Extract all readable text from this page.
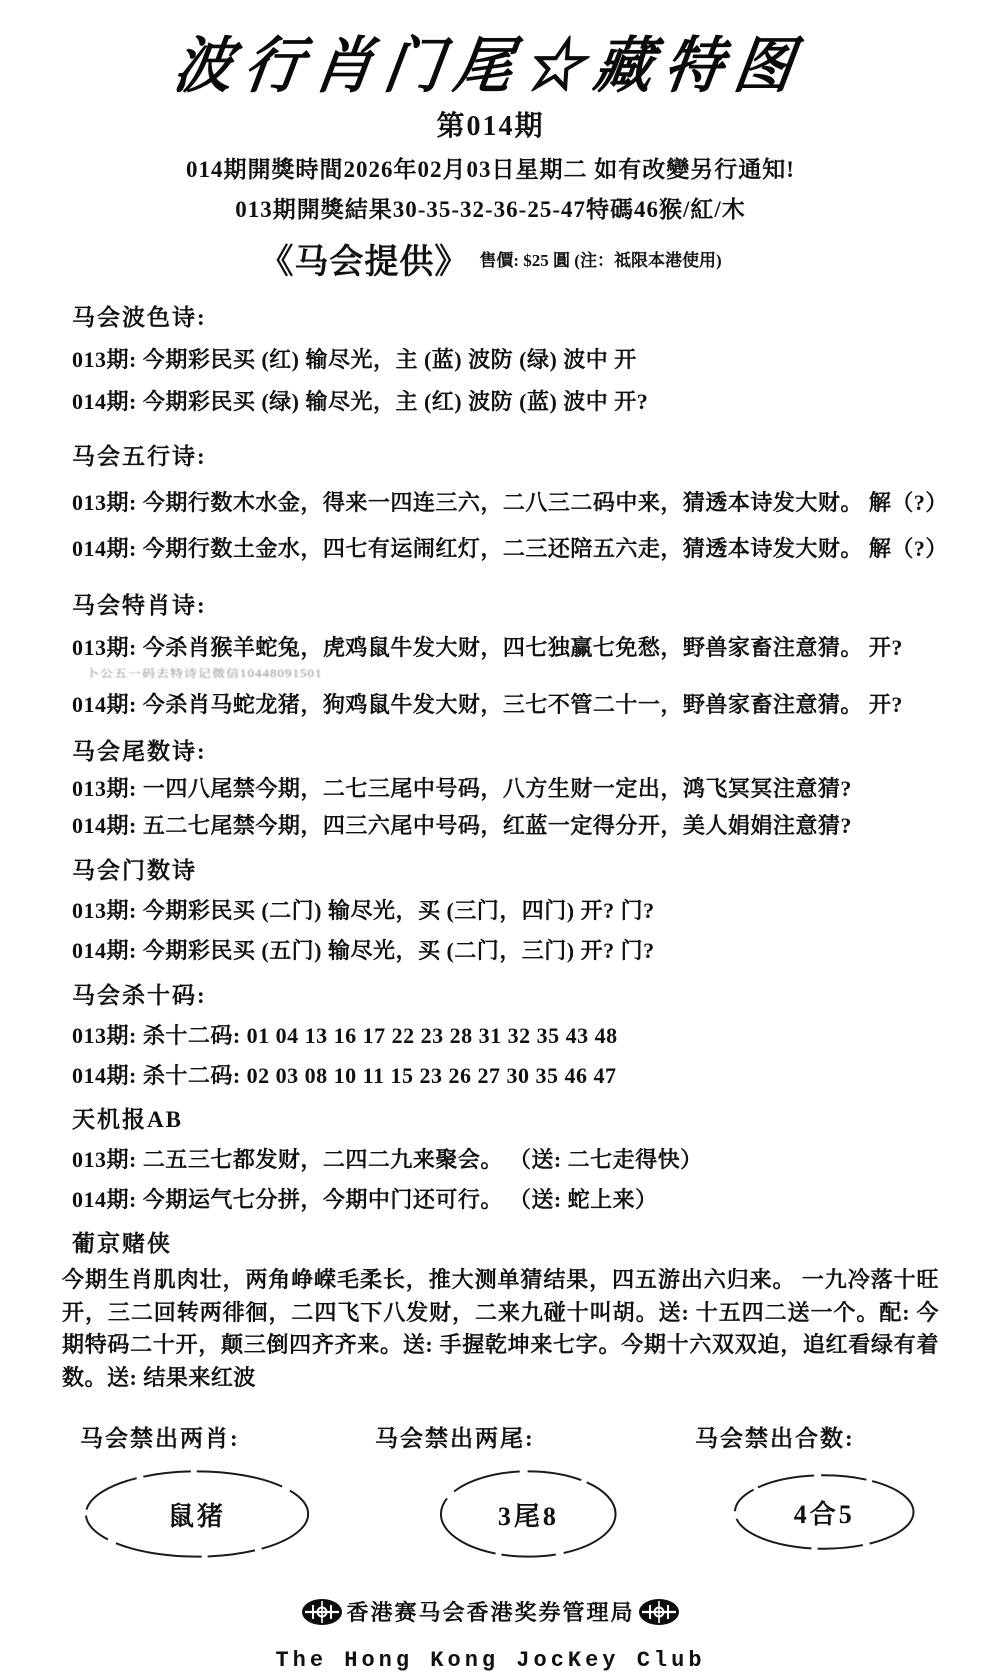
波行肖门尾☆藏特图
第014期
014期開獎時間2026年02月03日星期二 如有改變另行通知!
013期開獎結果30-35-32-36-25-47特碼46猴/紅/木
《马会提供》 售價: $25 圓 (注：祗限本港使用)
马会波色诗:
013期: 今期彩民买 (红) 输尽光，主 (蓝) 波防 (绿) 波中 开
014期: 今期彩民买 (绿) 输尽光，主 (红) 波防 (蓝) 波中 开?
马会五行诗:
013期: 今期行数木水金，得来一四连三六，二八三二码中来，猜透本诗发大财。 解（?）
014期: 今期行数土金水，四七有运闹红灯，二三还陪五六走，猜透本诗发大财。 解（?）
马会特肖诗:
013期: 今杀肖猴羊蛇兔，虎鸡鼠牛发大财，四七独赢七免愁，野兽家畜注意猜。 开?
卜公五一码去特诗记微信10448091501
014期: 今杀肖马蛇龙猪，狗鸡鼠牛发大财，三七不管二十一，野兽家畜注意猜。 开?
马会尾数诗:
013期: 一四八尾禁今期，二七三尾中号码，八方生财一定出，鸿飞冥冥注意猜?
014期: 五二七尾禁今期，四三六尾中号码，红蓝一定得分开，美人娟娟注意猜?
马会门数诗
013期: 今期彩民买 (二门) 输尽光，买 (三门，四门) 开? 门?
014期: 今期彩民买 (五门) 输尽光，买 (二门，三门) 开? 门?
马会杀十码:
013期: 杀十二码: 01 04 13 16 17 22 23 28 31 32 35 43 48
014期: 杀十二码: 02 03 08 10 11 15 23 26 27 30 35 46 47
天机报AB
013期: 二五三七都发财，二四二九来聚会。 （送: 二七走得快）
014期: 今期运气七分拼，今期中门还可行。 （送: 蛇上来）
葡京赌侠
今期生肖肌肉壮，两角峥嵘毛柔长，推大测单猜结果，四五游出六归来。 一九冷落十旺开，三二回转两徘徊，二四飞下八发财，二来九碰十叫胡。送: 十五四二送一个。配: 今期特码二十开，颠三倒四齐齐来。送: 手握乾坤来七字。今期十六双双迫，追红看绿有着数。送: 结果来红波
马会禁出两肖:	马会禁出两尾:	马会禁出合数:
鼠猪	3尾8	4合5
香港赛马会香港奖券管理局
The Hong Kong JocKey Club
